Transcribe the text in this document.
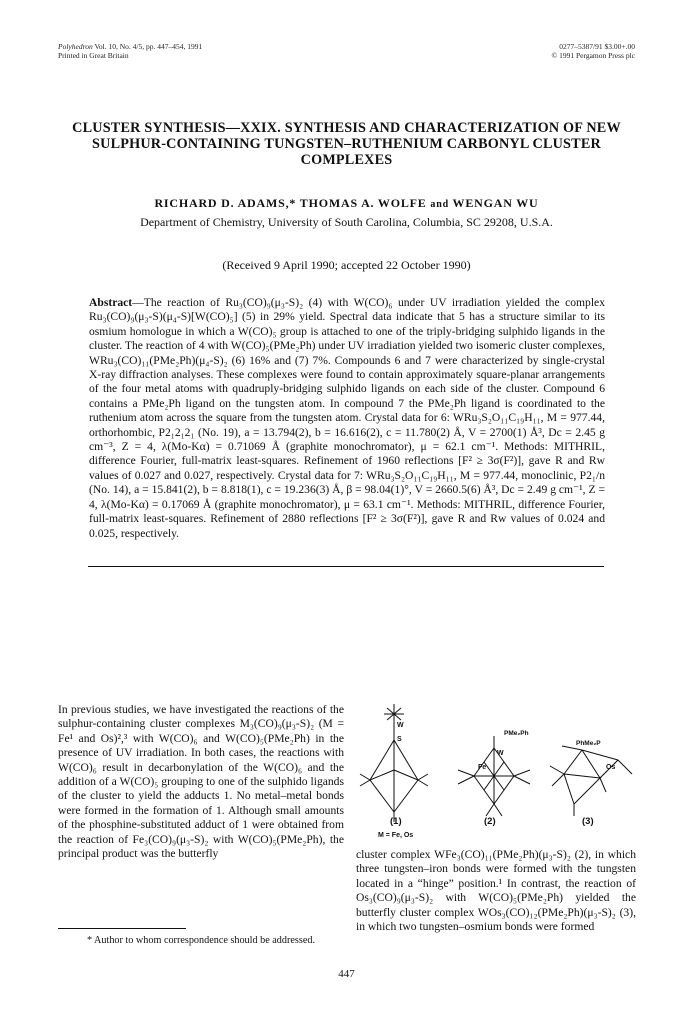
Polyhedron Vol. 10, No. 4/5, pp. 447–454, 1991
Printed in Great Britain
0277–5387/91 $3.00+.00
© 1991 Pergamon Press plc
CLUSTER SYNTHESIS—XXIX. SYNTHESIS AND CHARACTERIZATION OF NEW SULPHUR-CONTAINING TUNGSTEN–RUTHENIUM CARBONYL CLUSTER COMPLEXES
RICHARD D. ADAMS,* THOMAS A. WOLFE and WENGAN WU
Department of Chemistry, University of South Carolina, Columbia, SC 29208, U.S.A.
(Received 9 April 1990; accepted 22 October 1990)
Abstract—The reaction of Ru₃(CO)₉(μ₃-S)₂ (4) with W(CO)₆ under UV irradiation yielded the complex Ru₃(CO)₉(μ₃-S)(μ₄-S)[W(CO)₅] (5) in 29% yield. Spectral data indicate that 5 has a structure similar to its osmium homologue in which a W(CO)₅ group is attached to one of the triply-bridging sulphido ligands in the cluster. The reaction of 4 with W(CO)₅(PMe₂Ph) under UV irradiation yielded two isomeric cluster complexes, WRu₃(CO)₁₁(PMe₂Ph)(μ₄-S)₂ (6) 16% and (7) 7%. Compounds 6 and 7 were characterized by single-crystal X-ray diffraction analyses. These complexes were found to contain approximately square-planar arrangements of the four metal atoms with quadruply-bridging sulphido ligands on each side of the cluster. Compound 6 contains a PMe₂Ph ligand on the tungsten atom. In compound 7 the PMe₂Ph ligand is coordinated to the ruthenium atom across the square from the tungsten atom. Crystal data for 6: WRu₃S₂O₁₁C₁₉H₁₁, M = 977.44, orthorhombic, P2₁2₁2₁ (No. 19), a = 13.794(2), b = 16.616(2), c = 11.780(2) Å, V = 2700(1) Å³, Dc = 2.45 g cm⁻³, Z = 4, λ(Mo-Kα) = 0.71069 Å (graphite monochromator), μ = 62.1 cm⁻¹. Methods: MITHRIL, difference Fourier, full-matrix least-squares. Refinement of 1960 reflections [F² ≥ 3σ(F²)], gave R and Rw values of 0.027 and 0.027, respectively. Crystal data for 7: WRu₃S₂O₁₁C₁₉H₁₁, M = 977.44, monoclinic, P2₁/n (No. 14), a = 15.841(2), b = 8.818(1), c = 19.236(3) Å, β = 98.04(1)°, V = 2660.5(6) Å³, Dc = 2.49 g cm⁻¹, Z = 4, λ(Mo-Kα) = 0.17069 Å (graphite monochromator), μ = 63.1 cm⁻¹. Methods: MITHRIL, difference Fourier, full-matrix least-squares. Refinement of 2880 reflections [F² ≥ 3σ(F²)], gave R and Rw values of 0.024 and 0.025, respectively.
In previous studies, we have investigated the reactions of the sulphur-containing cluster complexes M₃(CO)₉(μ₃-S)₂ (M = Fe¹ and Os)²,³ with W(CO)₆ and W(CO)₅(PMe₂Ph) in the presence of UV irradiation. In both cases, the reactions with W(CO)₆ result in decarbonylation of the W(CO)₆ and the addition of a W(CO)₅ grouping to one of the sulphido ligands of the cluster to yield the adducts 1. No metal–metal bonds were formed in the formation of 1. Although small amounts of the phosphine-substituted adduct of 1 were obtained from the reaction of Fe₃(CO)₉(μ₃-S)₂ with W(CO)₅(PMe₂Ph), the principal product was the butterfly
(1)	(2)	(3)
M = Fe, Os
PMe₂Ph
PhMe₂P
W
S
W
Fe	Os
cluster complex WFe₃(CO)₁₁(PMe₂Ph)(μ₃-S)₂ (2), in which three tungsten–iron bonds were formed with the tungsten located in a “hinge” position.¹ In contrast, the reaction of Os₃(CO)₉(μ₃-S)₂ with W(CO)₅(PMe₂Ph) yielded the butterfly cluster complex WOs₃(CO)₁₂(PMe₂Ph)(μ₃-S)₂ (3), in which two tungsten–osmium bonds were formed
* Author to whom correspondence should be addressed.
447
